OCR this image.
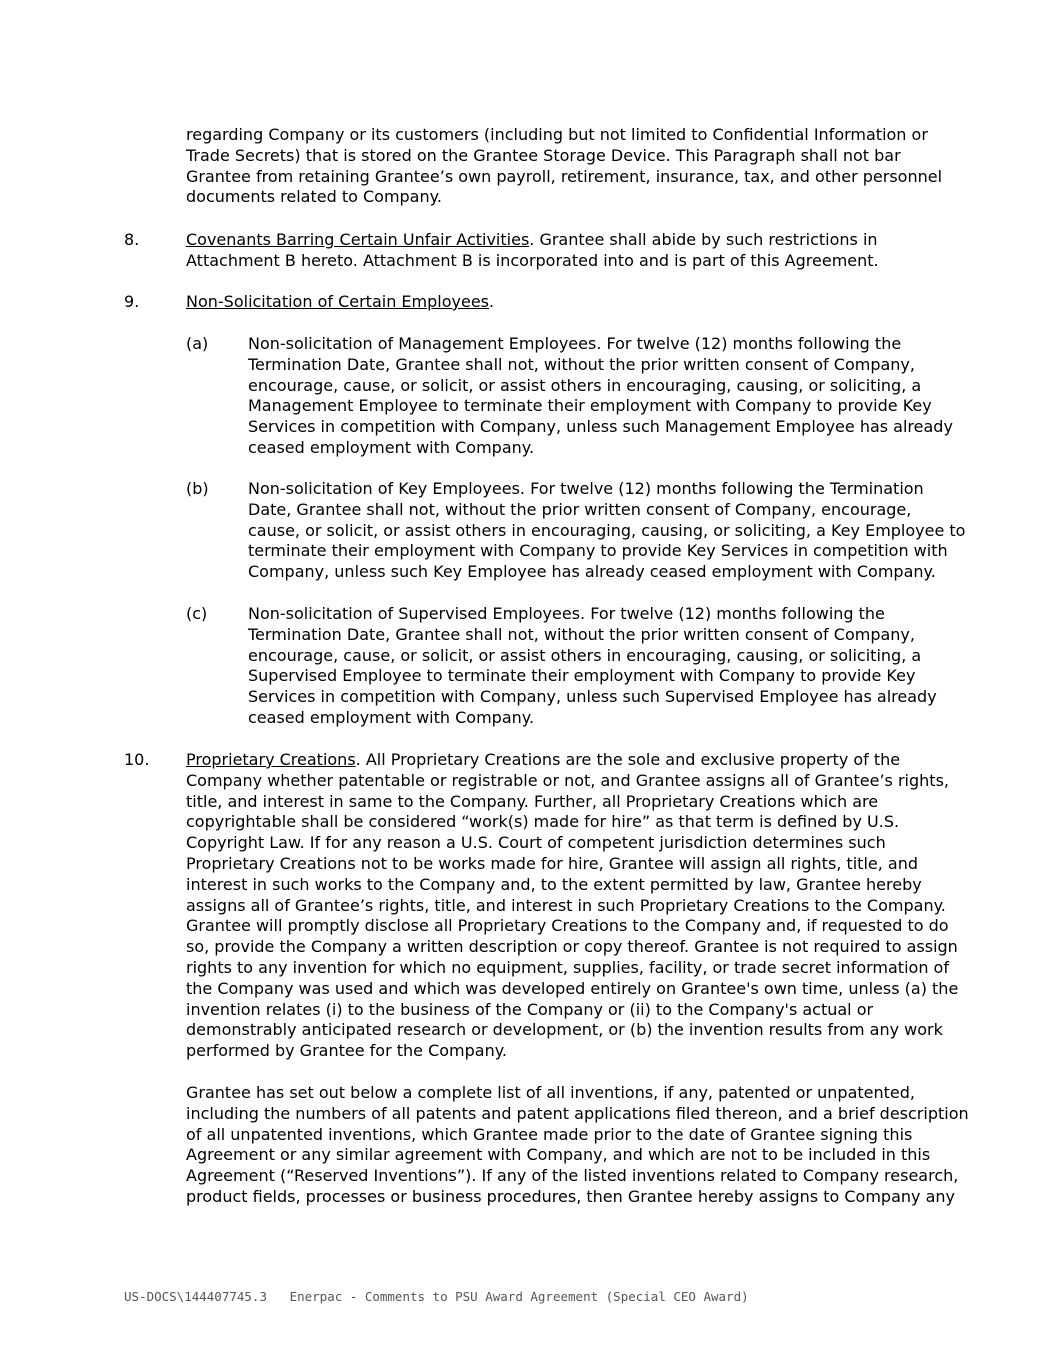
regarding Company or its customers (including but not limited to Confidential Information or
Trade Secrets) that is stored on the Grantee Storage Device. This Paragraph shall not bar
Grantee from retaining Grantee’s own payroll, retirement, insurance, tax, and other personnel
documents related to Company.
8.	Covenants Barring Certain Unfair Activities. Grantee shall abide by such restrictions in
Attachment B hereto. Attachment B is incorporated into and is part of this Agreement.
9.	Non-Solicitation of Certain Employees.
(a) Non-solicitation of Management Employees. For twelve (12) months following the
Termination Date, Grantee shall not, without the prior written consent of Company,
encourage, cause, or solicit, or assist others in encouraging, causing, or soliciting, a
Management Employee to terminate their employment with Company to provide Key
Services in competition with Company, unless such Management Employee has already
ceased employment with Company.
(b) Non-solicitation of Key Employees. For twelve (12) months following the Termination
Date, Grantee shall not, without the prior written consent of Company, encourage,
cause, or solicit, or assist others in encouraging, causing, or soliciting, a Key Employee to
terminate their employment with Company to provide Key Services in competition with
Company, unless such Key Employee has already ceased employment with Company.
(c)	Non-solicitation of Supervised Employees. For twelve (12) months following the
Termination Date, Grantee shall not, without the prior written consent of Company,
encourage, cause, or solicit, or assist others in encouraging, causing, or soliciting, a
Supervised Employee to terminate their employment with Company to provide Key
Services in competition with Company, unless such Supervised Employee has already
ceased employment with Company.
10. Proprietary Creations. All Proprietary Creations are the sole and exclusive property of the
Company whether patentable or registrable or not, and Grantee assigns all of Grantee’s rights,
title, and interest in same to the Company. Further, all Proprietary Creations which are
copyrightable shall be considered “work(s) made for hire” as that term is defined by U.S.
Copyright Law. If for any reason a U.S. Court of competent jurisdiction determines such
Proprietary Creations not to be works made for hire, Grantee will assign all rights, title, and
interest in such works to the Company and, to the extent permitted by law, Grantee hereby
assigns all of Grantee’s rights, title, and interest in such Proprietary Creations to the Company.
Grantee will promptly disclose all Proprietary Creations to the Company and, if requested to do
so, provide the Company a written description or copy thereof. Grantee is not required to assign
rights to any invention for which no equipment, supplies, facility, or trade secret information of
the Company was used and which was developed entirely on Grantee's own time, unless (a) the
invention relates (i) to the business of the Company or (ii) to the Company's actual or
demonstrably anticipated research or development, or (b) the invention results from any work
performed by Grantee for the Company.
Grantee has set out below a complete list of all inventions, if any, patented or unpatented,
including the numbers of all patents and patent applications filed thereon, and a brief description
of all unpatented inventions, which Grantee made prior to the date of Grantee signing this
Agreement or any similar agreement with Company, and which are not to be included in this
Agreement (“Reserved Inventions”). If any of the listed inventions related to Company research,
product fields, processes or business procedures, then Grantee hereby assigns to Company any
US-DOCS\144407745.3   Enerpac - Comments to PSU Award Agreement (Special CEO Award)
